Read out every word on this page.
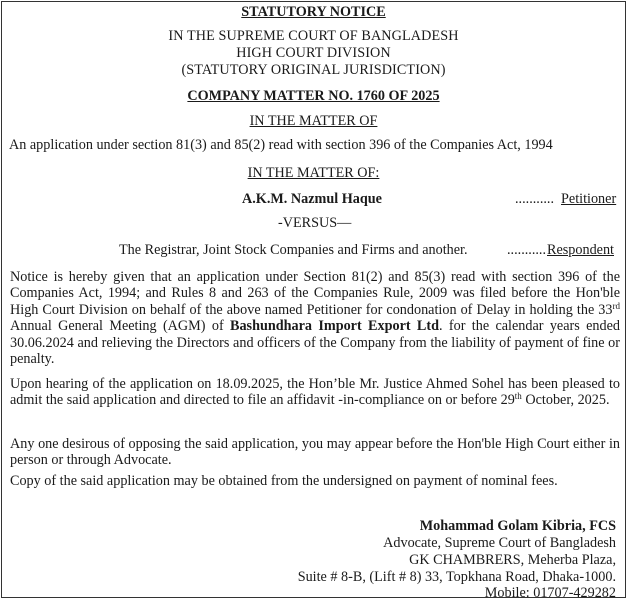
STATUTORY NOTICE
IN THE SUPREME COURT OF BANGLADESH
HIGH COURT DIVISION
(STATUTORY ORIGINAL JURISDICTION)
COMPANY MATTER NO. 1760 OF 2025
IN THE MATTER OF
An application under section 81(3) and 85(2) read with section 396 of the Companies Act, 1994
IN THE MATTER OF:
A.K.M. Nazmul Haque	........... Petitioner
-VERSUS—
The Registrar, Joint Stock Companies and Firms and another.	........... Respondent
Notice is hereby given that an application under Section 81(2) and 85(3) read with section 396 of the Companies Act, 1994; and Rules 8 and 263 of the Companies Rule, 2009 was filed before the Hon'ble High Court Division on behalf of the above named Petitioner for condonation of Delay in holding the 33rd Annual General Meeting (AGM) of Bashundhara Import Export Ltd. for the calendar years ended 30.06.2024 and relieving the Directors and officers of the Company from the liability of payment of fine or penalty.
Upon hearing of the application on 18.09.2025, the Hon’ble Mr. Justice Ahmed Sohel has been pleased to admit the said application and directed to file an affidavit -in-compliance on or before 29th October, 2025.
Any one desirous of opposing the said application, you may appear before the Hon'ble High Court either in person or through Advocate.
Copy of the said application may be obtained from the undersigned on payment of nominal fees.
Mohammad Golam Kibria, FCS
Advocate, Supreme Court of Bangladesh
GK CHAMBRERS, Meherba Plaza,
Suite # 8-B, (Lift # 8) 33, Topkhana Road, Dhaka-1000.
Mobile: 01707-429282
